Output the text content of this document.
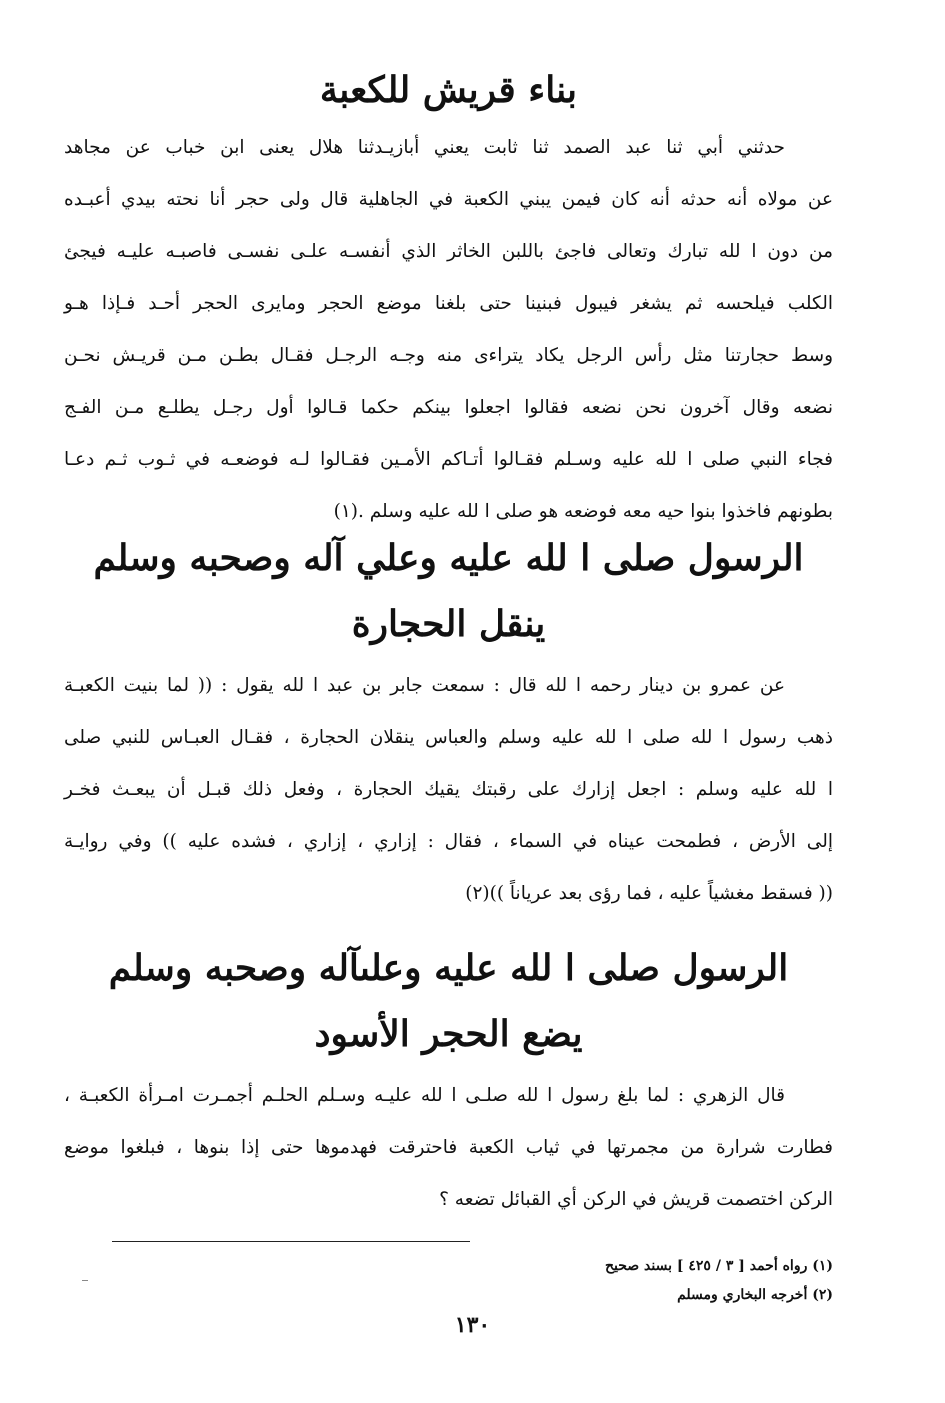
بناء قريش للكعبة

حدثني أبي ثنا عبد الصمد ثنا ثابت يعني أبازيـدثنا هلال يعنى ابن خباب عن مجاهد
عن مولاه أنه حدثه أنه كان فيمن يبني الكعبة في الجاهلية قال ولى حجر أنا نحته بيدي أعبـده
من دون ا لله تبارك وتعالى فاجئ باللبن الخاثر الذي أنفسـه علـى نفسـى فاصبـه عليـه فيجئ
الكلب فيلحسه ثم يشغر فيبول فبنينا حتى بلغنا موضع الحجر ومايرى الحجر أحـد فـإذا هـو
وسط حجارتنا مثل رأس الرجل يكاد يتراءى منه وجـه الرجـل فقـال بطـن مـن قريـش نحـن
نضعه وقال آخرون نحن نضعه فقالوا اجعلوا بينكم حكما قـالوا أول رجـل يطلـع مـن الفـج
فجاء النبي صلى ا لله عليه وسـلم فقـالوا أتـاكم الأمـين فقـالوا لـه فوضعـه في ثـوب ثـم دعـا
بطونهم فاخذوا بنوا حيه معه فوضعه هو صلى ا لله عليه وسلم .(١)

الرسول صلى ا لله عليه وعلي آله وصحبه وسلم
ينقل الحجارة

عن عمرو بن دينار رحمه ا لله قال : سمعت جابر بن عبد ا لله يقول : (( لما بنيت الكعبـة
ذهب رسول ا لله صلى ا لله عليه وسلم والعباس ينقلان الحجارة ، فقـال العبـاس للنبي صلى
ا لله عليه وسلم : اجعل إزارك على رقبتك يقيك الحجارة ، وفعل ذلك قبـل أن يبعـث فخـر
إلى الأرض ، فطمحت عيناه في السماء ، فقال : إزاري ، إزاري ، فشده عليه )) وفي روايـة
(( فسقط مغشياً عليه ، فما رؤى بعد عرياناً ))(٢)

الرسول صلى ا لله عليه وعلىآله وصحبه وسلم
يضع الحجر الأسود

قال الزهري : لما بلغ رسول ا لله صلـى ا لله عليـه وسـلم الحلـم أجمـرت امـرأة الكعبـة ،
فطارت شرارة من مجمرتها في ثياب الكعبة فاحترقت فهدموها حتى إذا بنوها ، فبلغوا موضع
الركن اختصمت قريش في الركن أي القبائل تضعه ؟

(١) رواه أحمد [ ٣ / ٤٢٥ ] بسند صحيح
(٢) أخرجه البخاري ومسلم
١٣٠
